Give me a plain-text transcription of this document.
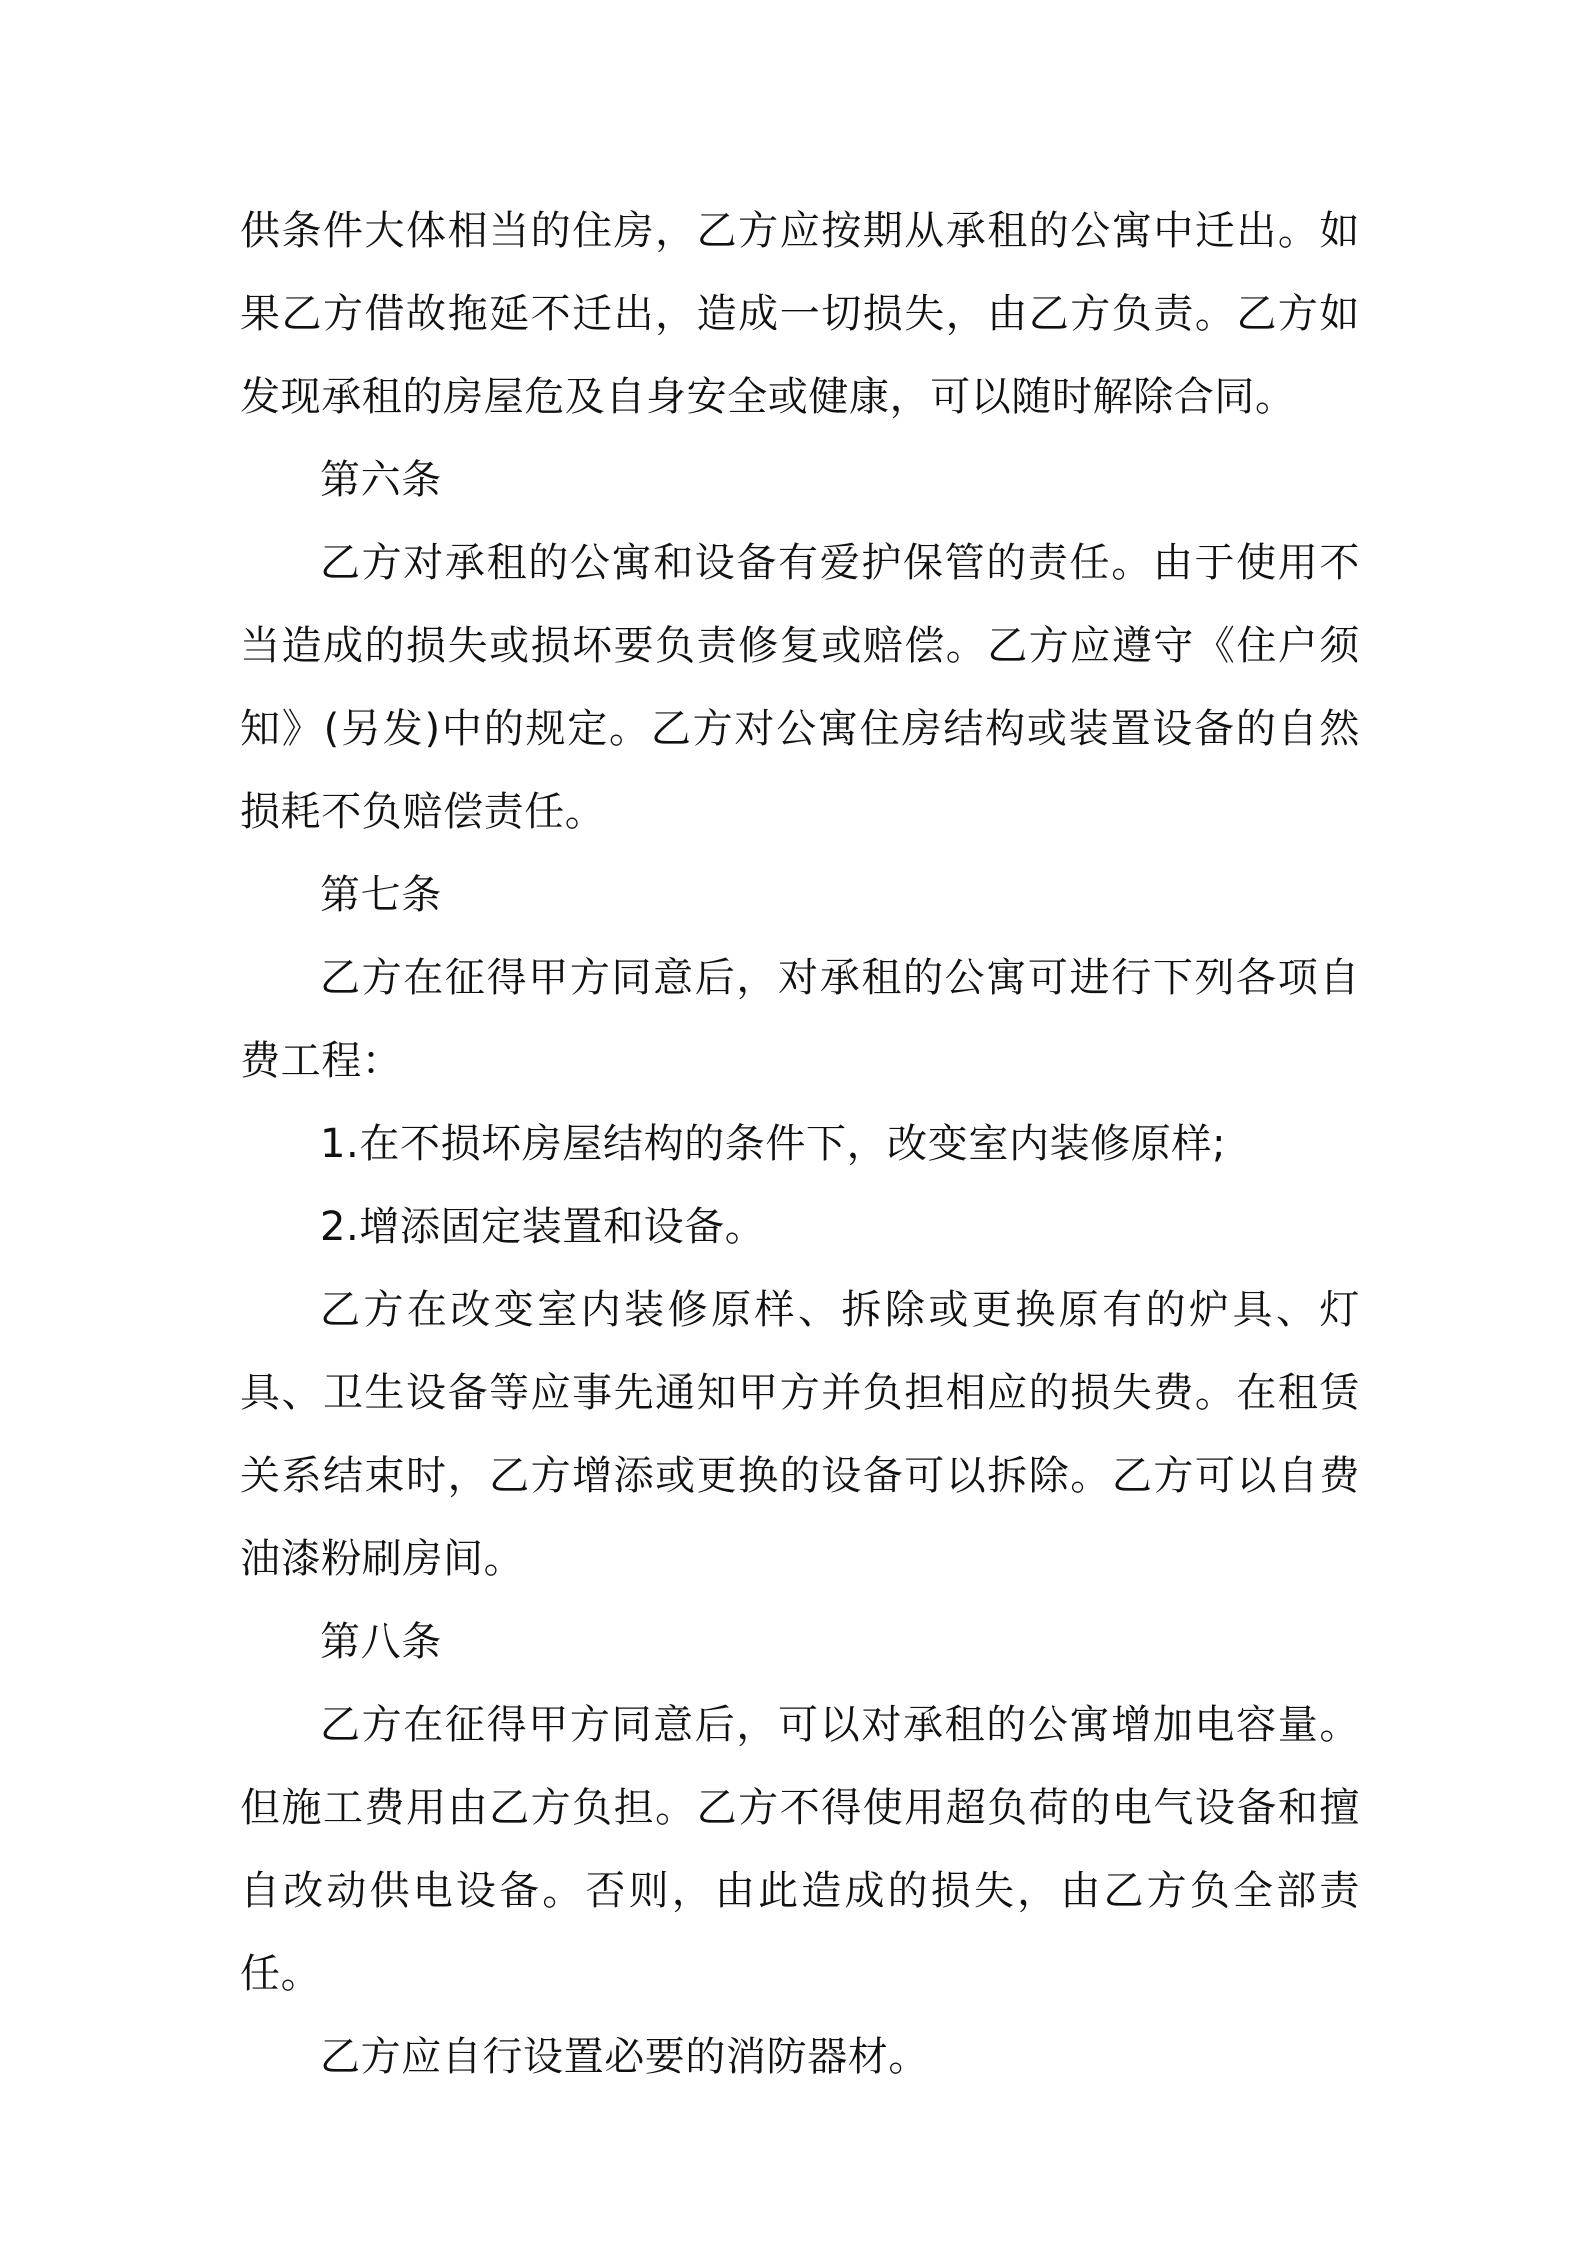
供条件大体相当的住房，乙方应按期从承租的公寓中迁出。如果乙方借故拖延不迁出，造成一切损失，由乙方负责。乙方如发现承租的房屋危及自身安全或健康，可以随时解除合同。

第六条

乙方对承租的公寓和设备有爱护保管的责任。由于使用不当造成的损失或损坏要负责修复或赔偿。乙方应遵守《住户须知》(另发)中的规定。乙方对公寓住房结构或装置设备的自然损耗不负赔偿责任。

第七条

乙方在征得甲方同意后，对承租的公寓可进行下列各项自费工程：

1.在不损坏房屋结构的条件下，改变室内装修原样;

2.增添固定装置和设备。

乙方在改变室内装修原样、拆除或更换原有的炉具、灯具、卫生设备等应事先通知甲方并负担相应的损失费。在租赁关系结束时，乙方增添或更换的设备可以拆除。乙方可以自费油漆粉刷房间。

第八条

乙方在征得甲方同意后，可以对承租的公寓增加电容量。但施工费用由乙方负担。乙方不得使用超负荷的电气设备和擅自改动供电设备。否则，由此造成的损失，由乙方负全部责任。

乙方应自行设置必要的消防器材。
